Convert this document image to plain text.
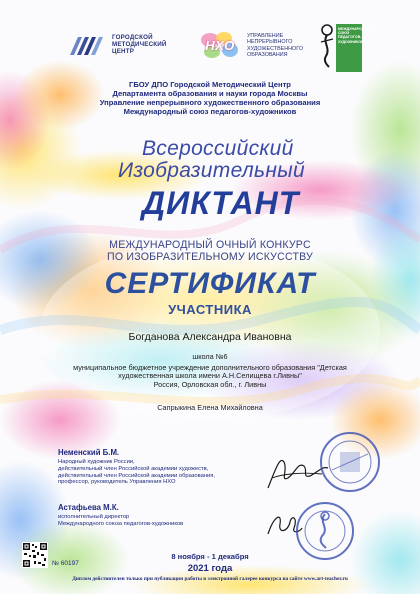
ГОРОДСКОЙ
МЕТОДИЧЕСКИЙ
ЦЕНТР	НХО
УПРАВЛЕНИЕ
НЕПРЕРЫВНОГО
ХУДОЖЕСТВЕННОГО
ОБРАЗОВАНИЯ
МЕЖДУНАРОДНЫЙ
СОЮЗ
ПЕДАГОГОВ-
ХУДОЖНИКОВ
ГБОУ ДПО Городской Методический Центр
Департамента образования и науки города Москвы
Управление непрерывного художественного образования
Международный союз педагогов-художников
Всероссийский
Изобразительный
ДИКТАНТ
МЕЖДУНАРОДНЫЙ ОЧНЫЙ КОНКУРС
ПО ИЗОБРАЗИТЕЛЬНОМУ ИСКУССТВУ
СЕРТИФИКАТ
УЧАСТНИКА
Богданова Александра Ивановна
школа №6
муниципальное бюджетное учреждение дополнительного образования "Детская
художественная школа имени А.Н.Селищева г.Ливны"
Россия, Орловская обл., г. Ливны
Сапрыкина Елена Михайловна
Неменский Б.М.
Народный художник России,
действительный член Российской академии художеств,
действительный член Российской академии образования,
профессор, руководитель Управления НХО
Астафьева М.К.
исполнительный директор
Международного союза педагогов-художников
№ 60197
8 ноября - 1 декабря
2021 года
Диплом действителен только при публикации работы в электронной галерее конкурса на сайте www.art-teacher.ru
